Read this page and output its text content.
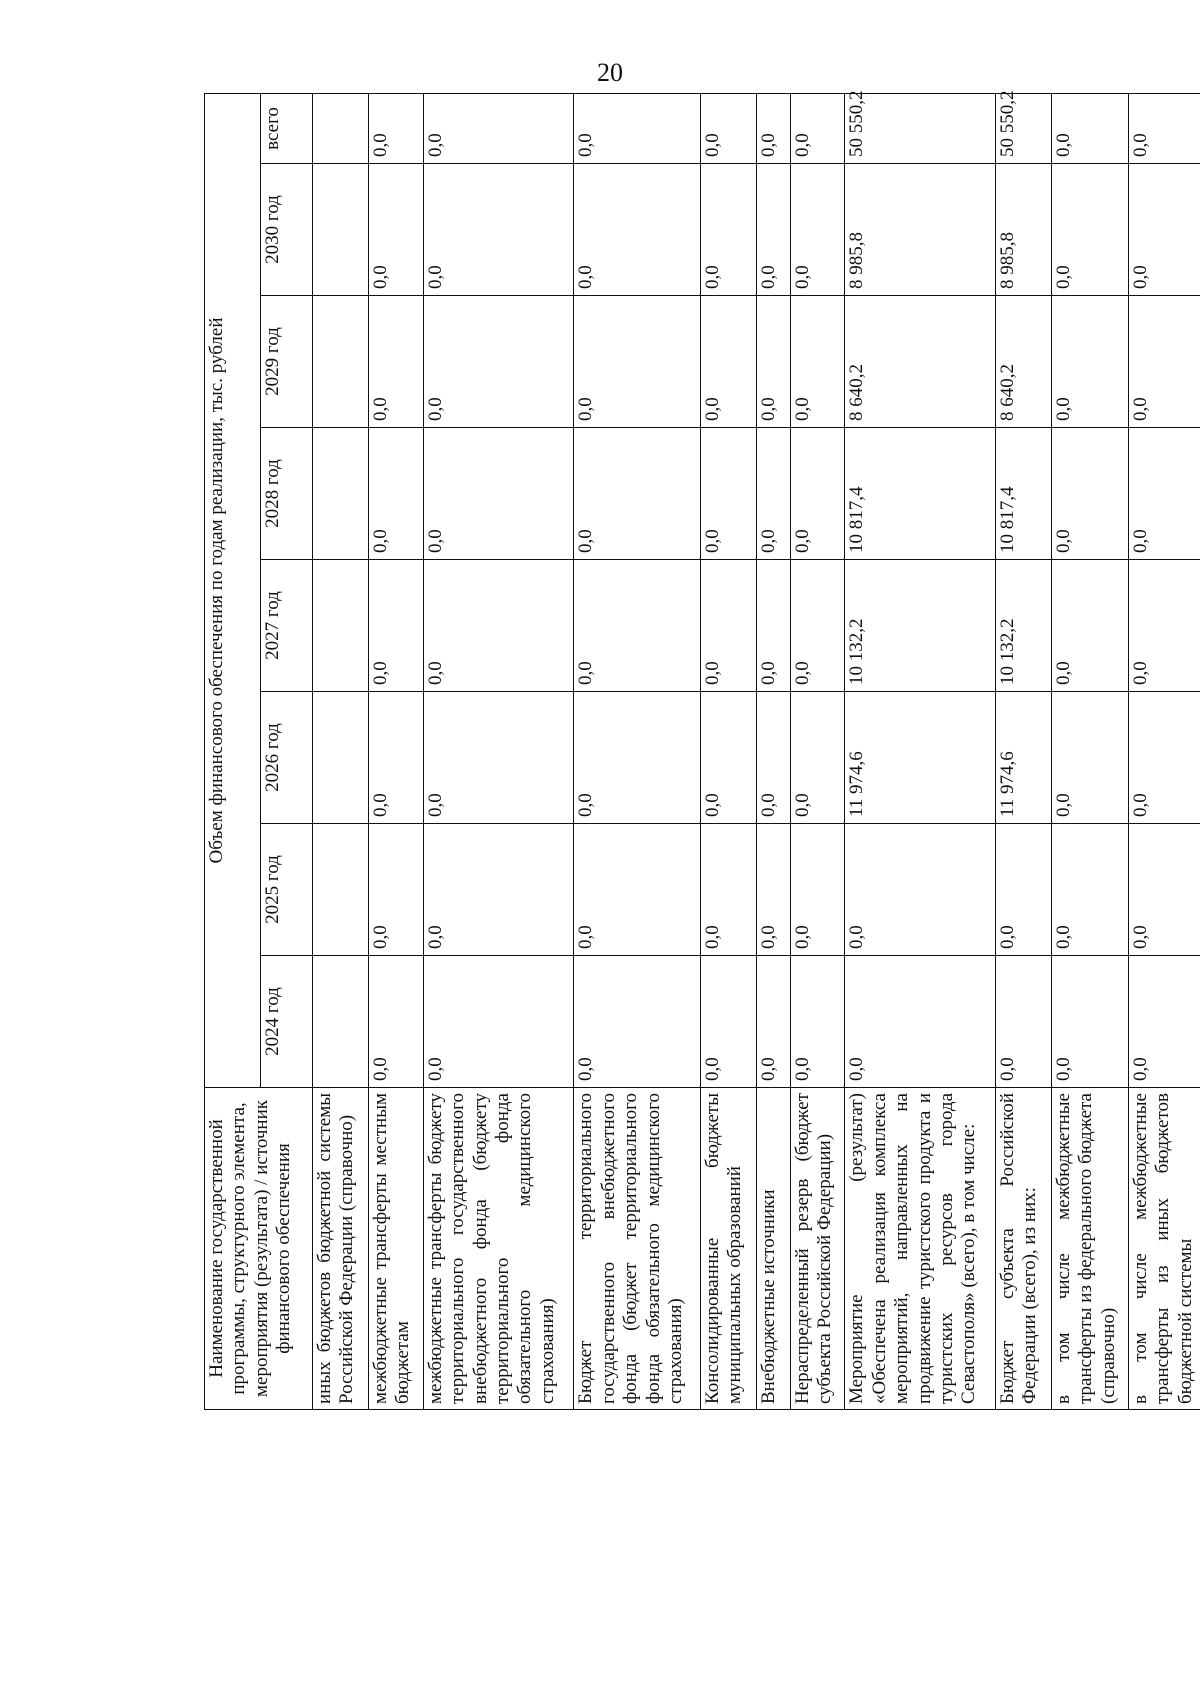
20
Наименование государственной программы, структурного элемента, мероприятия (результата) / источник финансового обеспечения	Объем финансового обеспечения по годам реализации, тыс. рублей							
	2024 год	2025 год	2026 год	2027 год	2028 год	2029 год	2030 год	всего
иных бюджетов бюджетной системы Российской Федерации (справочно)								
межбюджетные трансферты местным бюджетам	0,0	0,0	0,0	0,0	0,0	0,0	0,0	0,0
межбюджетные трансферты бюджету территориального государственного внебюджетного фонда (бюджету территориального фонда обязательного медицинского страхования)	0,0	0,0	0,0	0,0	0,0	0,0	0,0	0,0
Бюджет территориального государственного внебюджетного фонда (бюджет территориального фонда обязательного медицинского страхования)	0,0	0,0	0,0	0,0	0,0	0,0	0,0	0,0
Консолидированные бюджеты муниципальных образований	0,0	0,0	0,0	0,0	0,0	0,0	0,0	0,0
Внебюджетные источники	0,0	0,0	0,0	0,0	0,0	0,0	0,0	0,0
Нераспределенный резерв (бюджет субъекта Российской Федерации)	0,0	0,0	0,0	0,0	0,0	0,0	0,0	0,0
Мероприятие (результат) «Обеспечена реализация комплекса мероприятий, направленных на продвижение туристского продукта и туристских ресурсов города Севастополя» (всего), в том числе:	0,0	0,0	11 974,6	10 132,2	10 817,4	8 640,2	8 985,8	50 550,2
Бюджет субъекта Российской Федерации (всего), из них:	0,0	0,0	11 974,6	10 132,2	10 817,4	8 640,2	8 985,8	50 550,2
в том числе межбюджетные трансферты из федерального бюджета (справочно)	0,0	0,0	0,0	0,0	0,0	0,0	0,0	0,0
в том числе межбюджетные трансферты из иных бюджетов бюджетной системы	0,0	0,0	0,0	0,0	0,0	0,0	0,0	0,0
